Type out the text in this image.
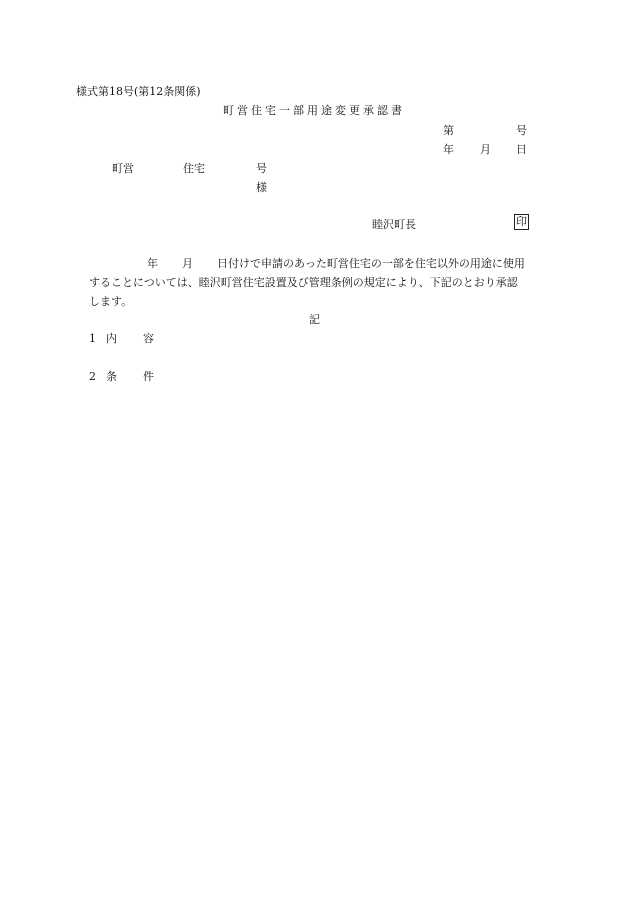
様式第18号(第12条関係)
町営住宅一部用途変更承認書
第	号
年 月 日
町営	住宅	号
様
睦沢町長	印
年 月 日付けで申請のあった町営住宅の一部を住宅以外の用途に使用
することについては、睦沢町営住宅設置及び管理条例の規定により、下記のとおり承認
します。
記
1 内 容
2 条 件
